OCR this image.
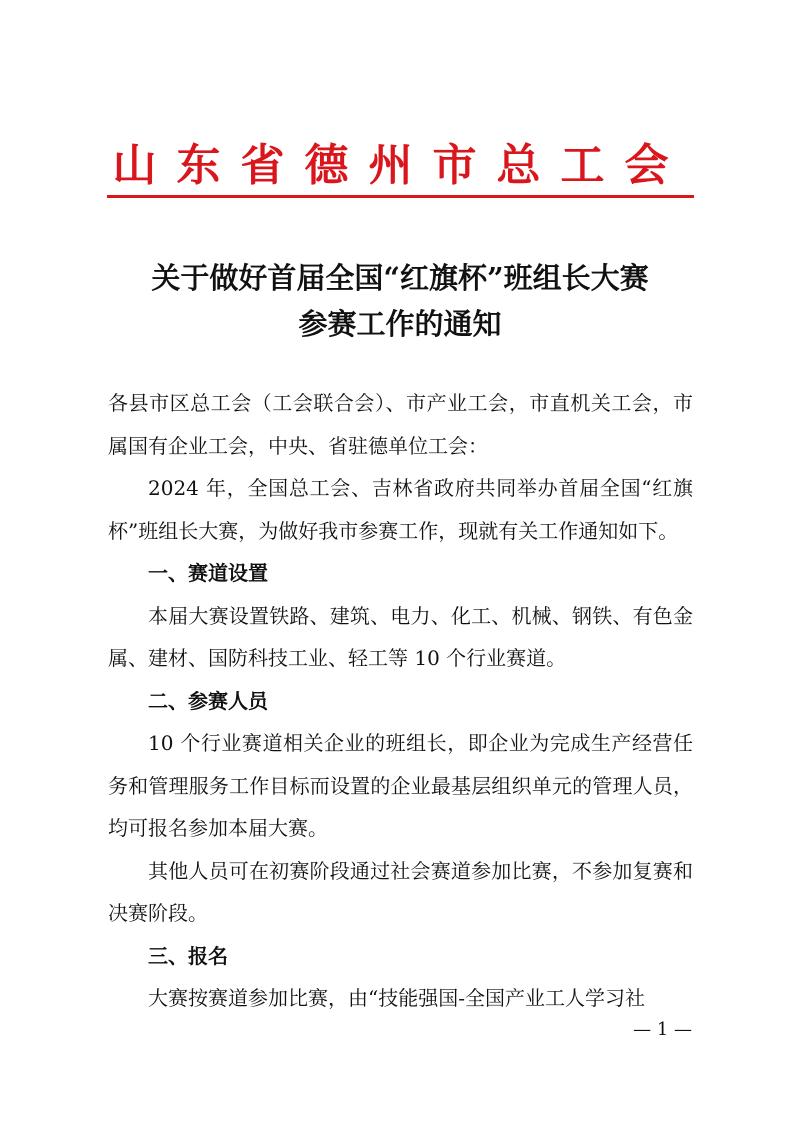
山东省德州市总工会
关于做好首届全国“红旗杯”班组长大赛
参赛工作的通知

各县市区总工会（工会联合会）、市产业工会，市直机关工会，市属国有企业工会，中央、省驻德单位工会：

2024 年，全国总工会、吉林省政府共同举办首届全国“红旗杯”班组长大赛，为做好我市参赛工作，现就有关工作通知如下。

一、赛道设置

本届大赛设置铁路、建筑、电力、化工、机械、钢铁、有色金属、建材、国防科技工业、轻工等 10 个行业赛道。

二、参赛人员

10 个行业赛道相关企业的班组长，即企业为完成生产经营任务和管理服务工作目标而设置的企业最基层组织单元的管理人员，均可报名参加本届大赛。

其他人员可在初赛阶段通过社会赛道参加比赛，不参加复赛和决赛阶段。

三、报名

大赛按赛道参加比赛，由“技能强国-全国产业工人学习社

— 1 —
